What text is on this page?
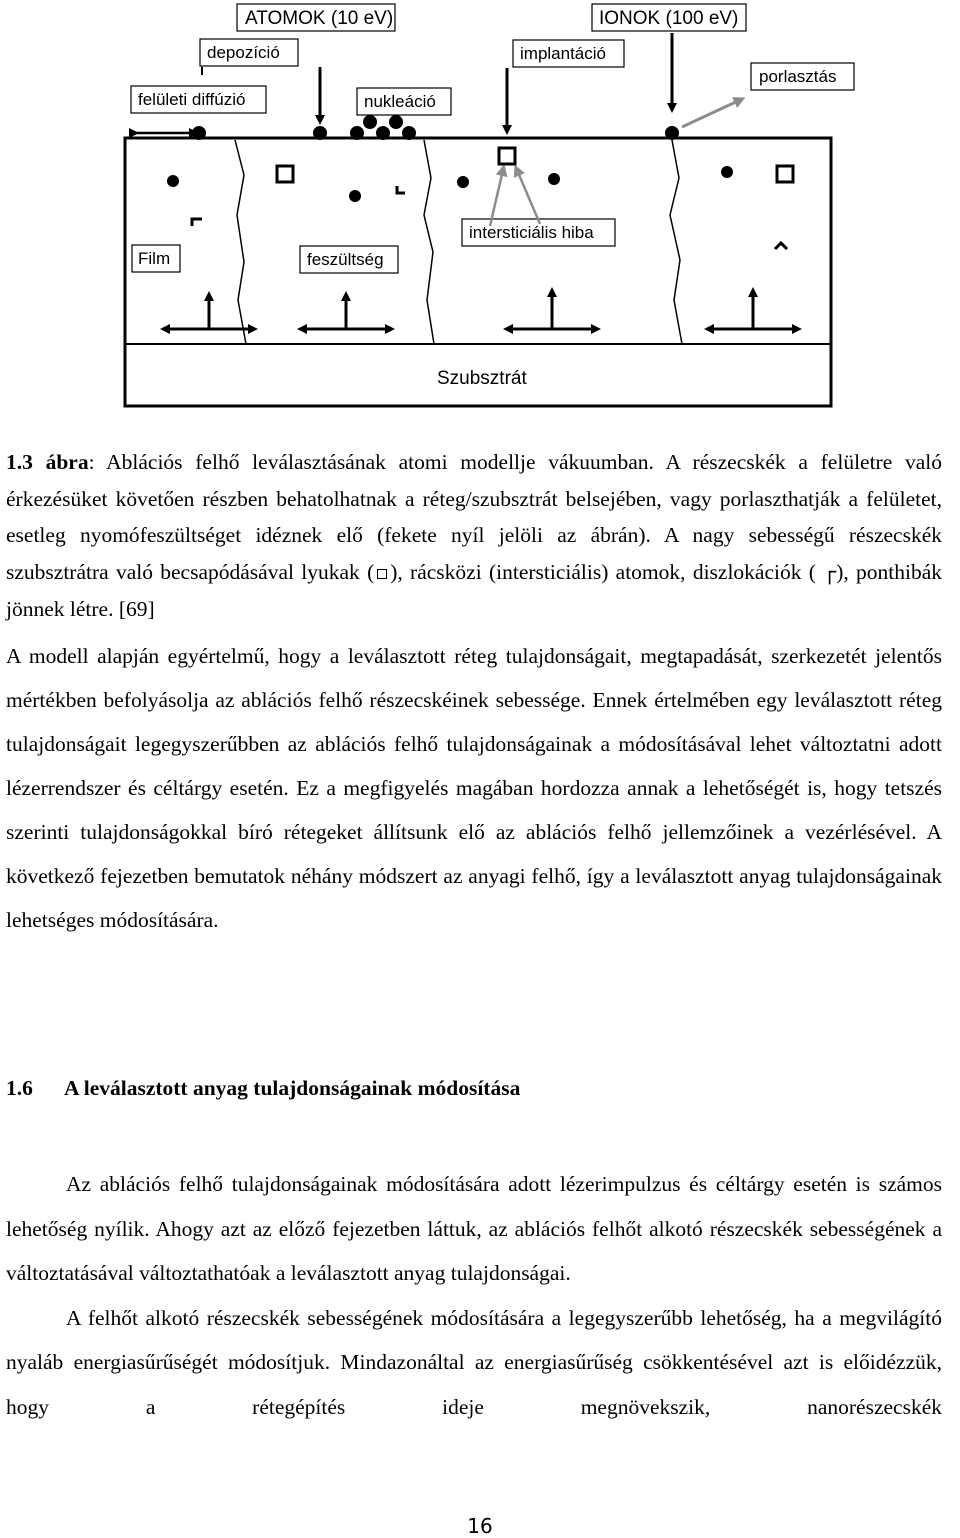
ATOMOK (10 eV)	IONOK (100 eV)
depozíció	implantáció
porlasztás
felületi diffúzió	nukleáció
intersticiális hiba
Film	feszültség
Szubsztrát

1.3 ábra: Ablációs felhő leválasztásának atomi modellje vákuumban. A részecskék a felületre való érkezésüket követően részben behatolhatnak a réteg/szubsztrát belsejében, vagy porlaszthatják a felületet, esetleg nyomófeszültséget idéznek elő (fekete nyíl jelöli az ábrán). A nagy sebességű részecskék szubsztrátra való becsapódásával lyukak ( ), rácsközi (intersticiális) atomok, diszlokációk ( ┌), ponthibák jönnek létre. [69]

A modell alapján egyértelmű, hogy a leválasztott réteg tulajdonságait, megtapadását, szerkezetét jelentős mértékben befolyásolja az ablációs felhő részecskéinek sebessége. Ennek értelmében egy leválasztott réteg tulajdonságait legegyszerűbben az ablációs felhő tulajdonságainak a módosításával lehet változtatni adott lézerrendszer és céltárgy esetén. Ez a megfigyelés magában hordozza annak a lehetőségét is, hogy tetszés szerinti tulajdonságokkal bíró rétegeket állítsunk elő az ablációs felhő jellemzőinek a vezérlésével. A következő fejezetben bemutatok néhány módszert az anyagi felhő, így a leválasztott anyag tulajdonságainak lehetséges módosítására.

1.6 A leválasztott anyag tulajdonságainak módosítása

Az ablációs felhő tulajdonságainak módosítására adott lézerimpulzus és céltárgy esetén is számos lehetőség nyílik. Ahogy azt az előző fejezetben láttuk, az ablációs felhőt alkotó részecskék sebességének a változtatásával változtathatóak a leválasztott anyag tulajdonságai.

A felhőt alkotó részecskék sebességének módosítására a legegyszerűbb lehetőség, ha a megvilágító nyaláb energiasűrűségét módosítjuk. Mindazonáltal az energiasűrűség csökkentésével azt is előidézzük, hogy a rétegépítés ideje megnövekszik, nanorészecskék

16
